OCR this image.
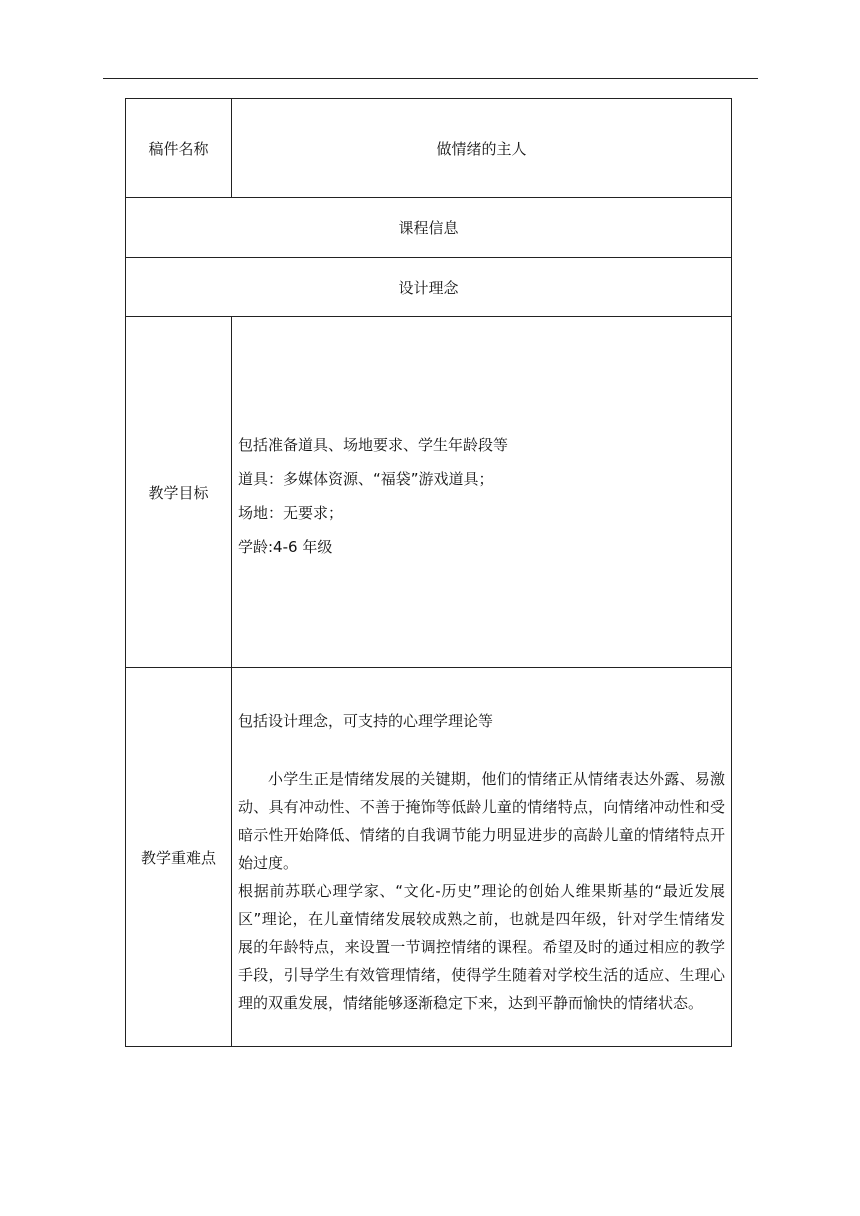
稿件名称	做情绪的主人
课程信息	
设计理念	
教学目标	包括准备道具、场地要求、学生年龄段等
道具：多媒体资源、“福袋”游戏道具；
场地：无要求；
学龄:4-6 年级

教学重难点	包括设计理念，可支持的心理学理论等
小学生正是情绪发展的关键期，他们的情绪正从情绪表达外露、易激动、具有冲动性、不善于掩饰等低龄儿童的情绪特点，向情绪冲动性和受暗示性开始降低、情绪的自我调节能力明显进步的高龄儿童的情绪特点开始过度。
根据前苏联心理学家、“文化-历史”理论的创始人维果斯基的“最近发展区”理论，在儿童情绪发展较成熟之前，也就是四年级，针对学生情绪发展的年龄特点，来设置一节调控情绪的课程。希望及时的通过相应的教学手段，引导学生有效管理情绪，使得学生随着对学校生活的适应、生理心理的双重发展，情绪能够逐渐稳定下来，达到平静而愉快的情绪状态。
